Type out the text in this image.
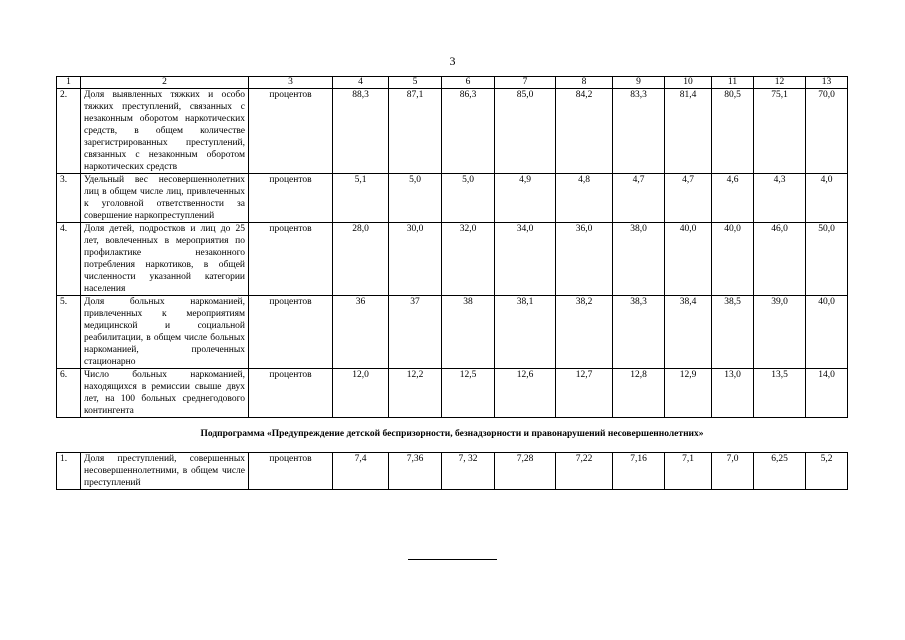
3
1	2	3	4	5	6	7	8	9	10	11	12	13
2.	Доля выявленных тяжких и особо тяжких преступлений, связанных с незаконным оборотом наркотических средств, в общем количестве зарегистрированных преступлений, связанных с незаконным оборотом наркотических средств	процентов	88,3	87,1	86,3	85,0	84,2	83,3	81,4	80,5	75,1	70,0
3.	Удельный вес несовершеннолетних лиц в общем числе лиц, привлеченных к уголовной ответственности за совершение наркопреступлений	процентов	5,1	5,0	5,0	4,9	4,8	4,7	4,7	4,6	4,3	4,0
4.	Доля детей, подростков и лиц до 25 лет, вовлеченных в мероприятия по профилактике незаконного потребления наркотиков, в общей численности указанной категории населения	процентов	28,0	30,0	32,0	34,0	36,0	38,0	40,0	40,0	46,0	50,0
5.	Доля больных наркоманией, привлеченных к мероприятиям медицинской и социальной реабилитации, в общем числе больных наркоманией, пролеченных стационарно	процентов	36	37	38	38,1	38,2	38,3	38,4	38,5	39,0	40,0
6.	Число больных наркоманией, находящихся в ремиссии свыше двух лет, на 100 больных среднегодового контингента	процентов	12,0	12,2	12,5	12,6	12,7	12,8	12,9	13,0	13,5	14,0
Подпрограмма «Предупреждение детской беспризорности, безнадзорности и правонарушений несовершеннолетних»												
1.	Доля преступлений, совершенных несовершеннолетними, в общем числе преступлений	процентов	7,4	7,36	7, 32	7,28	7,22	7,16	7,1	7,0	6,25	5,2
